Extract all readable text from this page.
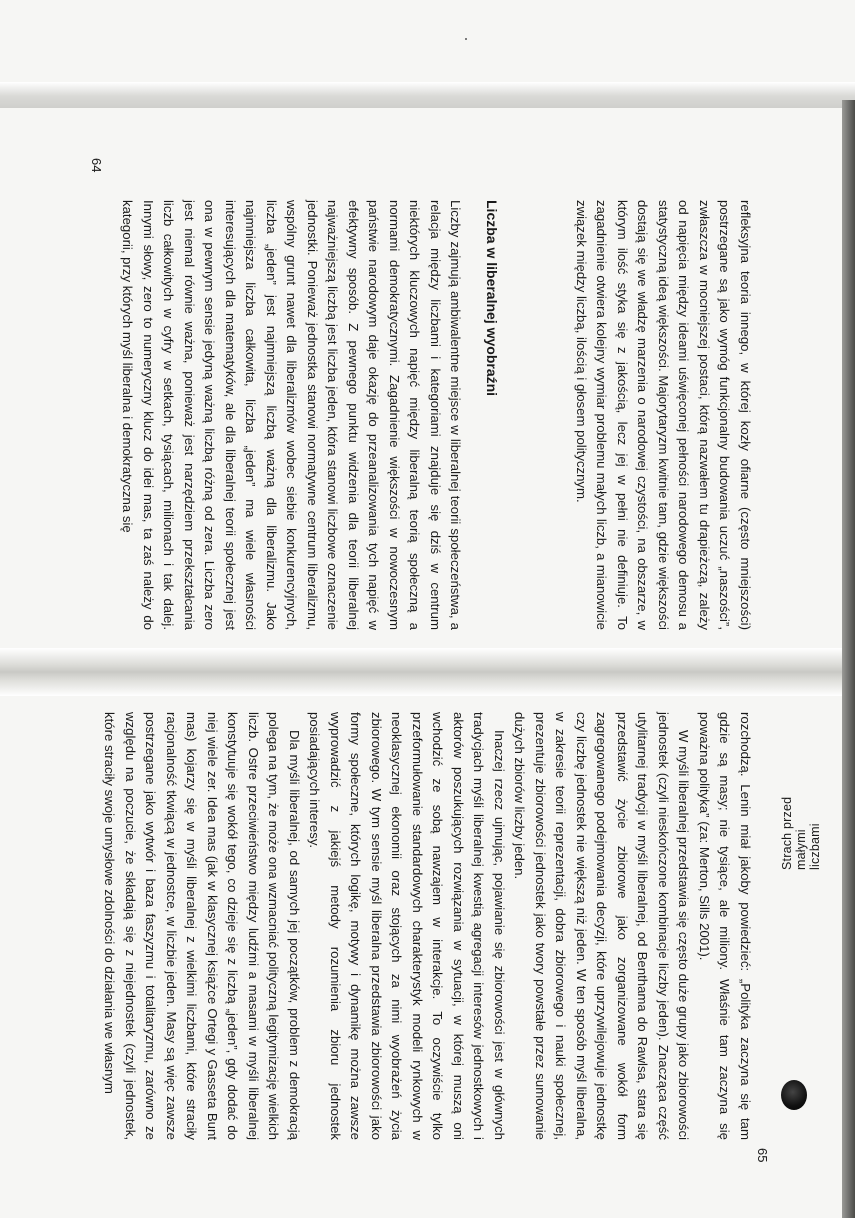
64

refleksyjna teoria innego, w której kozły ofiarne (często mniejszości) postrzegane są jako wymóg funkcjonalny budowania uczuć „naszości”, zwłaszcza w mocniejszej postaci, którą nazwałem tu drapieżczą, zależy od napięcia między ideami uświęconej pełności narodowego demosu a statystyczną ideą większości. Majorytaryzm kwitnie tam, gdzie większości dostają się we władzę marzenia o narodowej czystości, na obszarze, w którym ilość styka się z jakością, lecz jej w pełni nie definiuje. To zagadnienie otwiera kolejny wymiar problemu małych liczb, a mianowicie związek między liczbą, ilością i głosem politycznym.

Liczba w liberalnej wyobraźni

Liczby zajmują ambiwalentne miejsce w liberalnej teorii społeczeństwa, a relacja między liczbami i kategoriami znajduje się dziś w centrum niektórych kluczowych napięć między liberalną teorią społeczną a normami demokratycznymi. Zagadnienie większości w nowoczesnym państwie narodowym daje okazję do przeanalizowania tych napięć w efektywny sposób. Z pewnego punktu widzenia dla teorii liberalnej najważniejszą liczbą jest liczba jeden, która stanowi liczbowe oznaczenie jednostki. Ponieważ jednostka stanowi normatywne centrum liberalizmu, wspólny grunt nawet dla liberalizmów wobec siebie konkurencyjnych, liczba „jeden” jest najmniejszą liczbą ważną dla liberalizmu. Jako najmniejsza liczba całkowita, liczba „jeden” ma wiele własności interesujących dla matematyków, ale dla liberalnej teorii społecznej jest ona w pewnym sensie jedyną ważną liczbą różną od zera. Liczba zero jest niemal równie ważna, ponieważ jest narzędziem przekształcania liczb całkowitych w cyfry w setkach, tysiącach, milionach i tak dalej. Innymi słowy, zero to numeryczny klucz do idei mas, ta zaś należy do kategorii, przy których myśl liberalna i demokratyczna się

Strach przed małymi liczbami
65

rozchodzą. Lenin miał jakoby powiedzieć: „Polityka zaczyna się tam gdzie są masy; nie tysiące, ale miliony. Właśnie tam zaczyna się poważna polityka” (za: Merton, Sills 2001).

W myśli liberalnej przedstawia się często duże grupy jako zbiorowości jednostek (czyli nieskończone kombinacje liczby jeden). Znacząca część utylitarnej tradycji w myśli liberalnej, od Benthama do Rawlsa, stara się przedstawić życie zbiorowe jako zorganizowane wokół form zagregowanego podejmowania decyzji, które uprzywilejowuje jednostkę czy liczbę jednostek nie większą niż jeden. W ten sposób myśl liberalna, w zakresie teorii reprezentacji, dobra zbiorowego i nauki społecznej, prezentuje zbiorowości jednostek jako twory powstałe przez sumowanie dużych zbiorów liczby jeden.

Inaczej rzecz ujmując, pojawianie się zbiorowości jest w głównych tradycjach myśli liberalnej kwestią agregacji interesów jednostkowych i aktorów poszukujących rozwiązania w sytuacji, w której muszą oni wchodzić ze sobą nawzajem w interakcje. To oczywiście tylko przeformułowanie standardowych charakterystyk modeli rynkowych w neoklasycznej ekonomii oraz stojących za nimi wyobrażeń życia zbiorowego. W tym sensie myśl liberalna przedstawia zbiorowości jako formy społeczne, których logikę, motywy i dynamikę można zawsze wyprowadzić z jakiejś metody rozumienia zbioru jednostek posiadających interesy.

Dla myśli liberalnej, od samych jej początków, problem z demokracją polega na tym, że może ona wzmacniać polityczną legitymizację wielkich liczb. Ostre przeciwieństwo między ludźmi a masami w myśli liberalnej konstytuuje się wokół tego, co dzieje się z liczbą „jeden”, gdy dodać do niej wiele zer. Idea mas (jak w klasycznej książce Ortegi y Gasseta Bunt mas) kojarzy się w myśli liberalnej z wielkimi liczbami, które straciły racjonalność tkwiącą w jednostce, w liczbie jeden. Masy są więc zawsze postrzegane jako wytwór i baza faszyzmu i totalitaryzmu, zarówno ze względu na poczucie, że składają się z niejednostek (czyli jednostek, które straciły swoje umysłowe zdolności do działania we własnym
